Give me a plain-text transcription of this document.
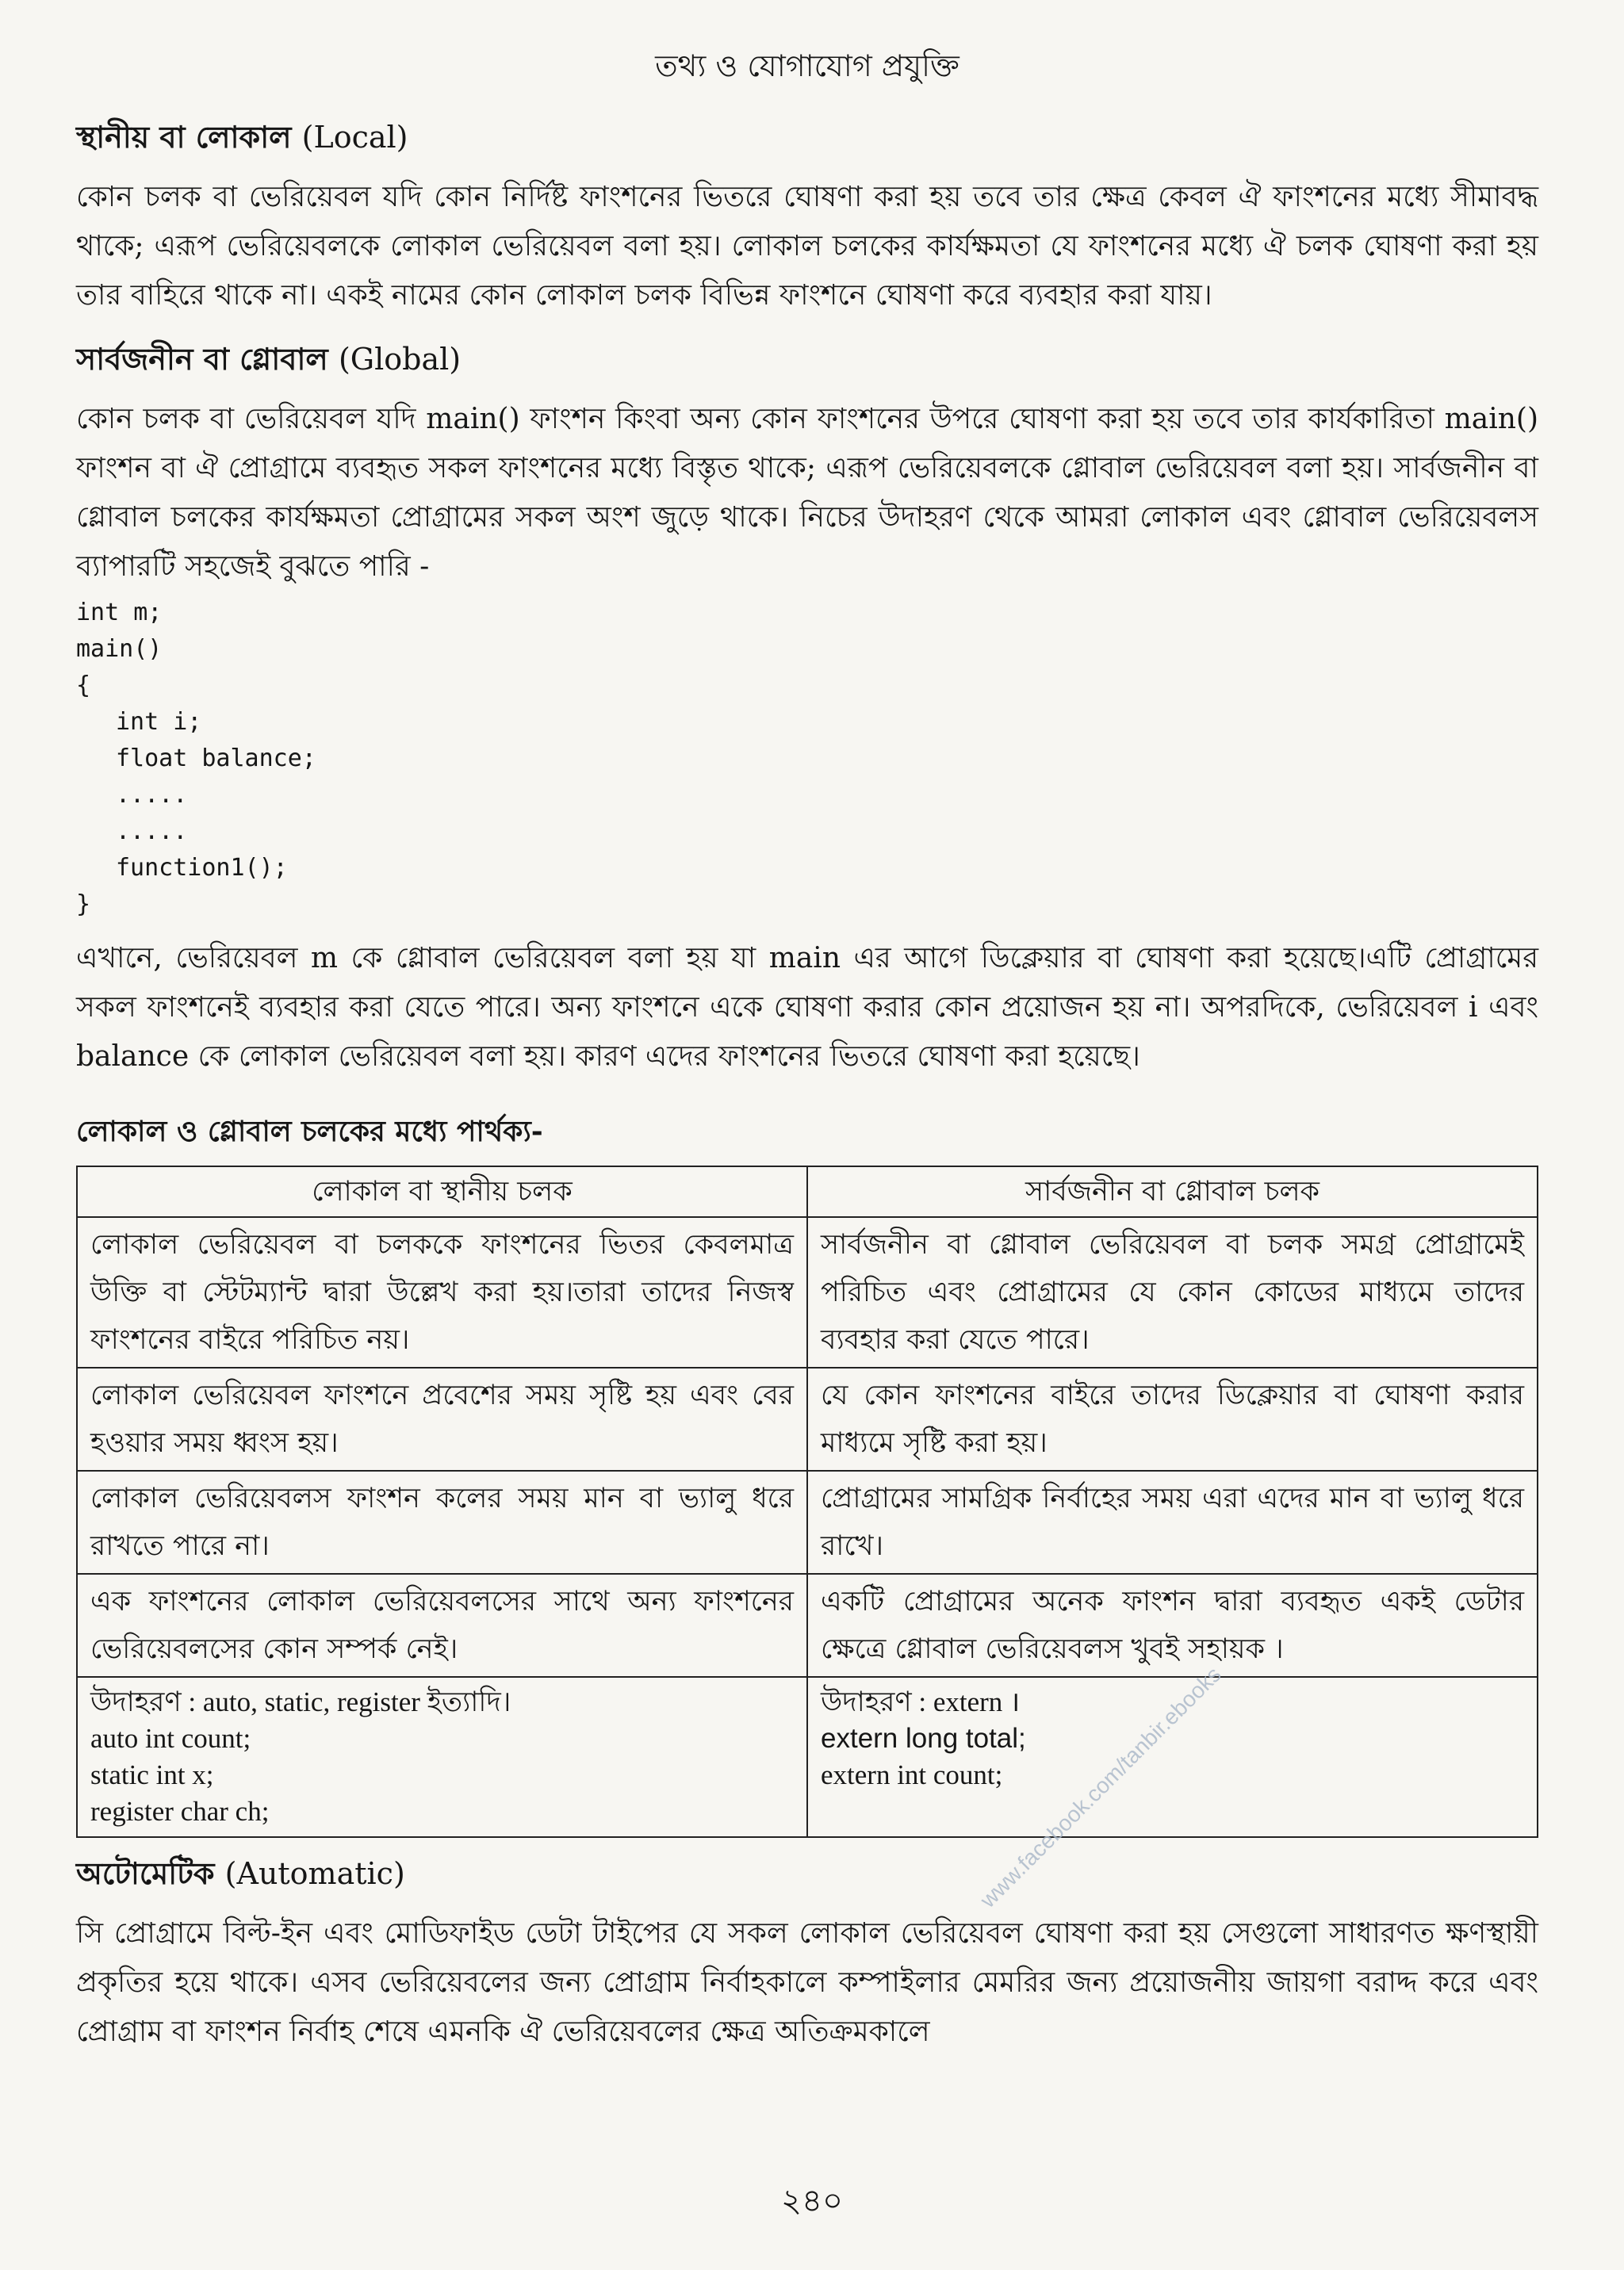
তথ্য ও যোগাযোগ প্রযুক্তি
স্থানীয় বা লোকাল (Local)

কোন চলক বা ভেরিয়েবল যদি কোন নির্দিষ্ট ফাংশনের ভিতরে ঘোষণা করা হয় তবে তার ক্ষেত্র কেবল ঐ ফাংশনের মধ্যে সীমাবদ্ধ থাকে; এরূপ ভেরিয়েবলকে লোকাল ভেরিয়েবল বলা হয়। লোকাল চলকের কার্যক্ষমতা যে ফাংশনের মধ্যে ঐ চলক ঘোষণা করা হয় তার বাহিরে থাকে না। একই নামের কোন লোকাল চলক বিভিন্ন ফাংশনে ঘোষণা করে ব্যবহার করা যায়।

সার্বজনীন বা গ্লোবাল (Global)

কোন চলক বা ভেরিয়েবল যদি main() ফাংশন কিংবা অন্য কোন ফাংশনের উপরে ঘোষণা করা হয় তবে তার কার্যকারিতা main() ফাংশন বা ঐ প্রোগ্রামে ব্যবহৃত সকল ফাংশনের মধ্যে বিস্তৃত থাকে; এরূপ ভেরিয়েবলকে গ্লোবাল ভেরিয়েবল বলা হয়। সার্বজনীন বা গ্লোবাল চলকের কার্যক্ষমতা প্রোগ্রামের সকল অংশ জুড়ে থাকে। নিচের উদাহরণ থেকে আমরা লোকাল এবং গ্লোবাল ভেরিয়েবলস ব্যাপারটি সহজেই বুঝতে পারি -

int m;
main()
{
int i;
float balance;
.....
.....
function1();
}

এখানে, ভেরিয়েবল m কে গ্লোবাল ভেরিয়েবল বলা হয় যা main এর আগে ডিক্লেয়ার বা ঘোষণা করা হয়েছে।এটি প্রোগ্রামের সকল ফাংশনেই ব্যবহার করা যেতে পারে। অন্য ফাংশনে একে ঘোষণা করার কোন প্রয়োজন হয় না। অপরদিকে, ভেরিয়েবল i এবং balance কে লোকাল ভেরিয়েবল বলা হয়। কারণ এদের ফাংশনের ভিতরে ঘোষণা করা হয়েছে।

লোকাল ও গ্লোবাল চলকের মধ্যে পার্থক্য-
লোকাল বা স্থানীয় চলক	সার্বজনীন বা গ্লোবাল চলক
লোকাল ভেরিয়েবল বা চলককে ফাংশনের ভিতর কেবলমাত্র উক্তি বা স্টেটম্যান্ট দ্বারা উল্লেখ করা হয়।তারা তাদের নিজস্ব ফাংশনের বাইরে পরিচিত নয়।	সার্বজনীন বা গ্লোবাল ভেরিয়েবল বা চলক সমগ্র প্রোগ্রামেই পরিচিত এবং প্রোগ্রামের যে কোন কোডের মাধ্যমে তাদের ব্যবহার করা যেতে পারে।
লোকাল ভেরিয়েবল ফাংশনে প্রবেশের সময় সৃষ্টি হয় এবং বের হওয়ার সময় ধ্বংস হয়।	যে কোন ফাংশনের বাইরে তাদের ডিক্লেয়ার বা ঘোষণা করার মাধ্যমে সৃষ্টি করা হয়।
লোকাল ভেরিয়েবলস ফাংশন কলের সময় মান বা ভ্যালু ধরে রাখতে পারে না।	প্রোগ্রামের সামগ্রিক নির্বাহের সময় এরা এদের মান বা ভ্যালু ধরে রাখে।
এক ফাংশনের লোকাল ভেরিয়েবলসের সাথে অন্য ফাংশনের ভেরিয়েবলসের কোন সম্পর্ক নেই।	একটি প্রোগ্রামের অনেক ফাংশন দ্বারা ব্যবহৃত একই ডেটার ক্ষেত্রে গ্লোবাল ভেরিয়েবলস খুবই সহায়ক ।

উদাহরণ : auto, static, register ইত্যাদি।
auto int count;
static int x;
register char ch;	উদাহরণ : extern ।
extern long total;
extern int count;
অটোমেটিক (Automatic)

সি প্রোগ্রামে বিল্ট-ইন এবং মোডিফাইড ডেটা টাইপের যে সকল লোকাল ভেরিয়েবল ঘোষণা করা হয় সেগুলো সাধারণত ক্ষণস্থায়ী প্রকৃতির হয়ে থাকে। এসব ভেরিয়েবলের জন্য প্রোগ্রাম নির্বাহকালে কম্পাইলার মেমরির জন্য প্রয়োজনীয় জায়গা বরাদ্দ করে এবং প্রোগ্রাম বা ফাংশন নির্বাহ শেষে এমনকি ঐ ভেরিয়েবলের ক্ষেত্র অতিক্রমকালে

www.facebook.com/tanbir.ebooks
২৪০
